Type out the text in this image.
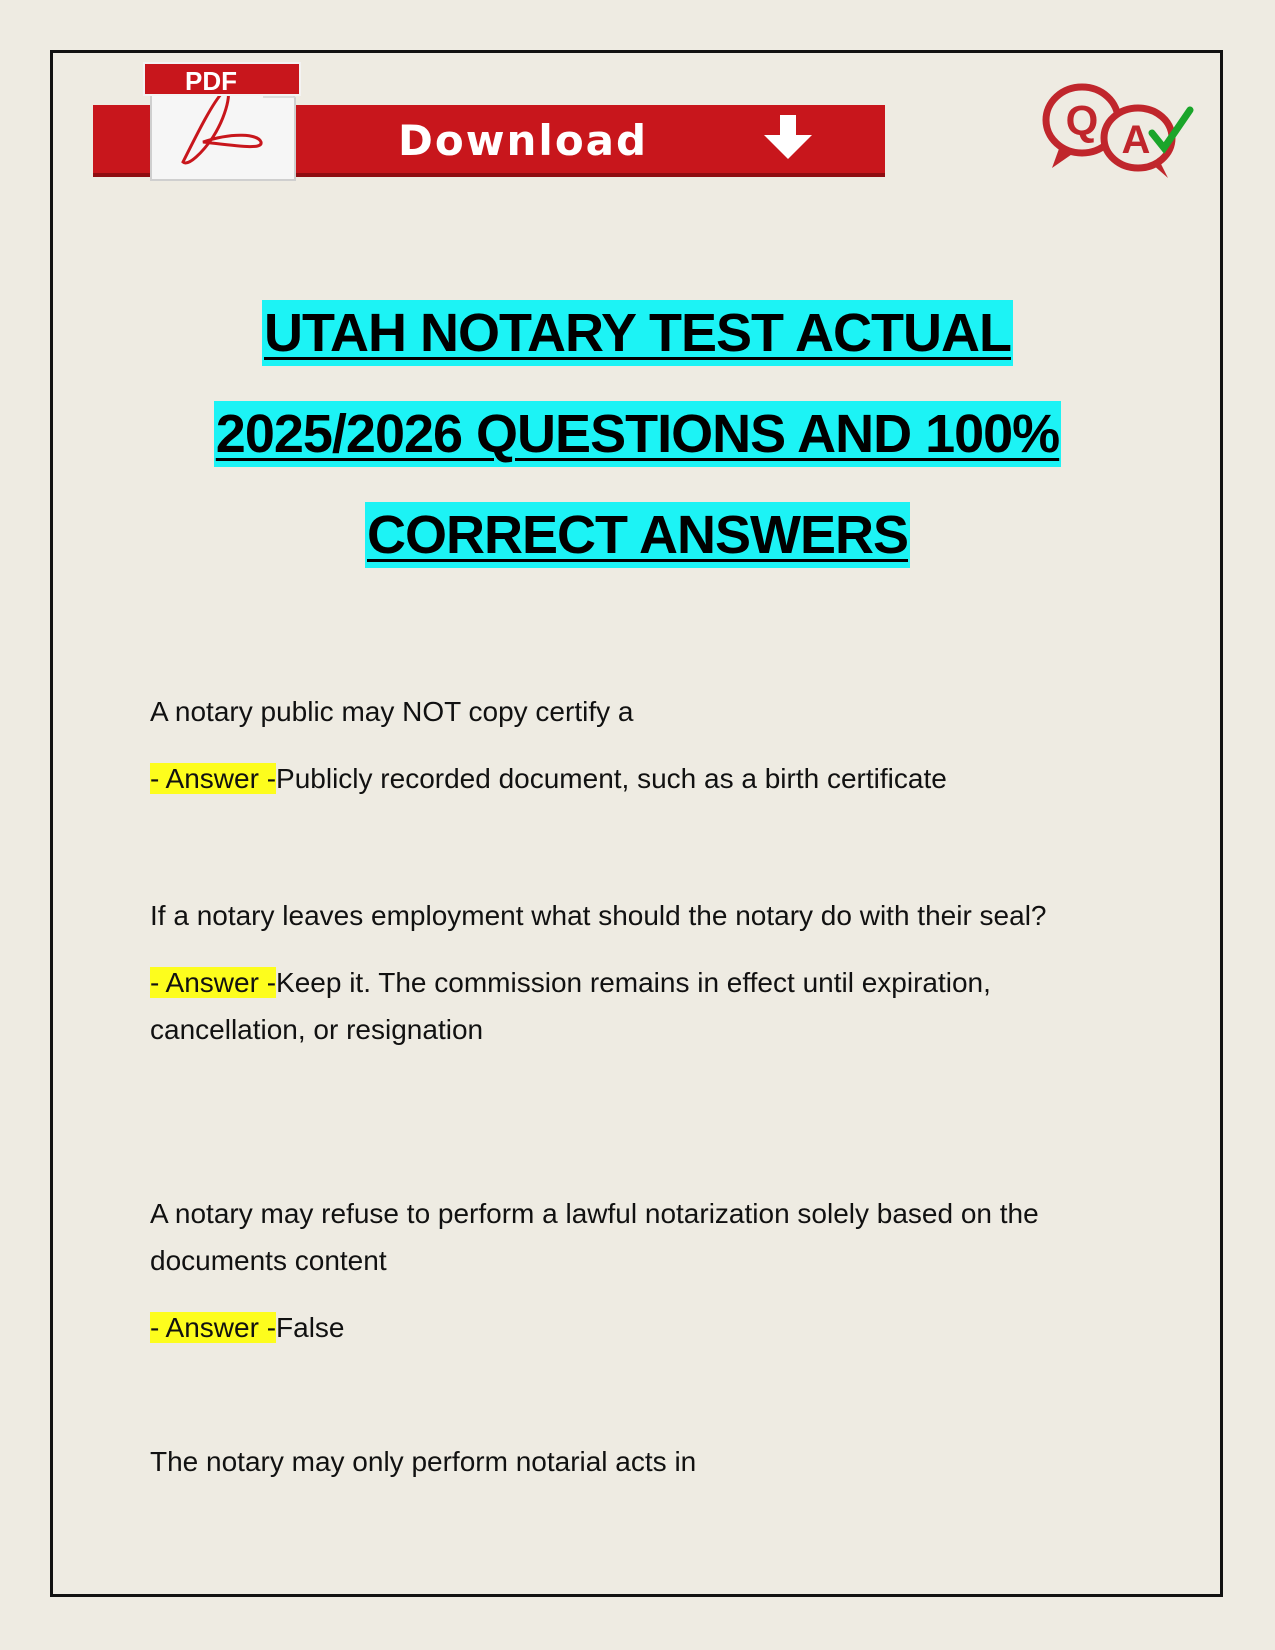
Download
PDF
Q A
UTAH NOTARY TEST ACTUAL
2025/2026 QUESTIONS AND 100%
CORRECT ANSWERS

A notary public may NOT copy certify a

- Answer -Publicly recorded document, such as a birth certificate

If a notary leaves employment what should the notary do with their seal?

- Answer -Keep it. The commission remains in effect until expiration, cancellation, or resignation

A notary may refuse to perform a lawful notarization solely based on the documents content

- Answer -False

The notary may only perform notarial acts in
